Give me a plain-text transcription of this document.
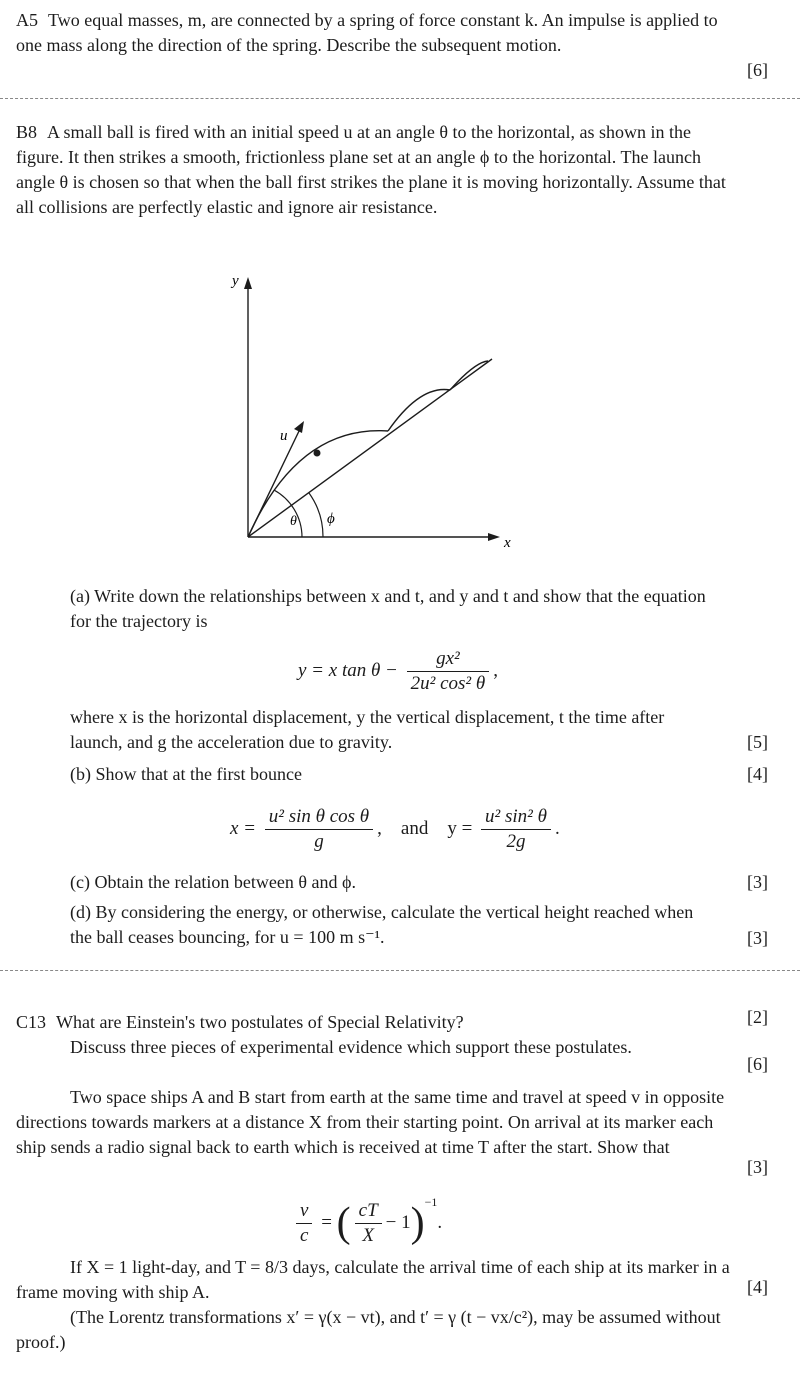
A5 Two equal masses, m, are connected by a spring of force constant k. An impulse is applied to one mass along the direction of the spring. Describe the subsequent motion.
[6]
B8 A small ball is fired with an initial speed u at an angle θ to the horizontal, as shown in the figure. It then strikes a smooth, frictionless plane set at an angle ϕ to the horizontal. The launch angle θ is chosen so that when the ball first strikes the plane it is moving horizontally. Assume that all collisions are perfectly elastic and ignore air resistance.
y
x
u
θ ϕ
(a) Write down the relationships between x and t, and y and t and show that the equation for the trajectory is
y = x $\tan \theta - \frac{\text{gx²}}{\text{2u² cos² θ}}$ ,
where x is the horizontal displacement, y the vertical displacement, t the time after launch, and g the acceleration due to gravity.	[5]
(b) Show that at the first bounce	[4]
$x = \frac{\text{u² sin θ cos θ}}{g}$ ,    and    $y = \frac{\text{u² sin² θ}}{2g}$ .
(c) Obtain the relation between θ and ϕ.	[3]
(d) By considering the energy, or otherwise, calculate the vertical height reached when the ball ceases bouncing, for u = 100 m s⁻¹.	[3]
C13 What are Einstein's two postulates of Special Relativity?	[2]
Discuss three pieces of experimental evidence which support these postulates.
[6]
Two space ships A and B start from earth at the same time and travel at speed v in opposite directions towards markers at a distance X from their starting point. On arrival at its marker each ship sends a radio signal back to earth which is received at time T after the start. Show that
[3]
$\frac{v}{c}$ = ( $\frac{cT}{X} - 1)^{-1}$.
If X = 1 light-day, and T = 8/3 days, calculate the arrival time of each ship at its marker in a frame moving with ship A.	[4]
(The Lorentz transformations x′ = γ(x − vt), and t′ = γ (t − vx/c²), may be assumed without proof.)
